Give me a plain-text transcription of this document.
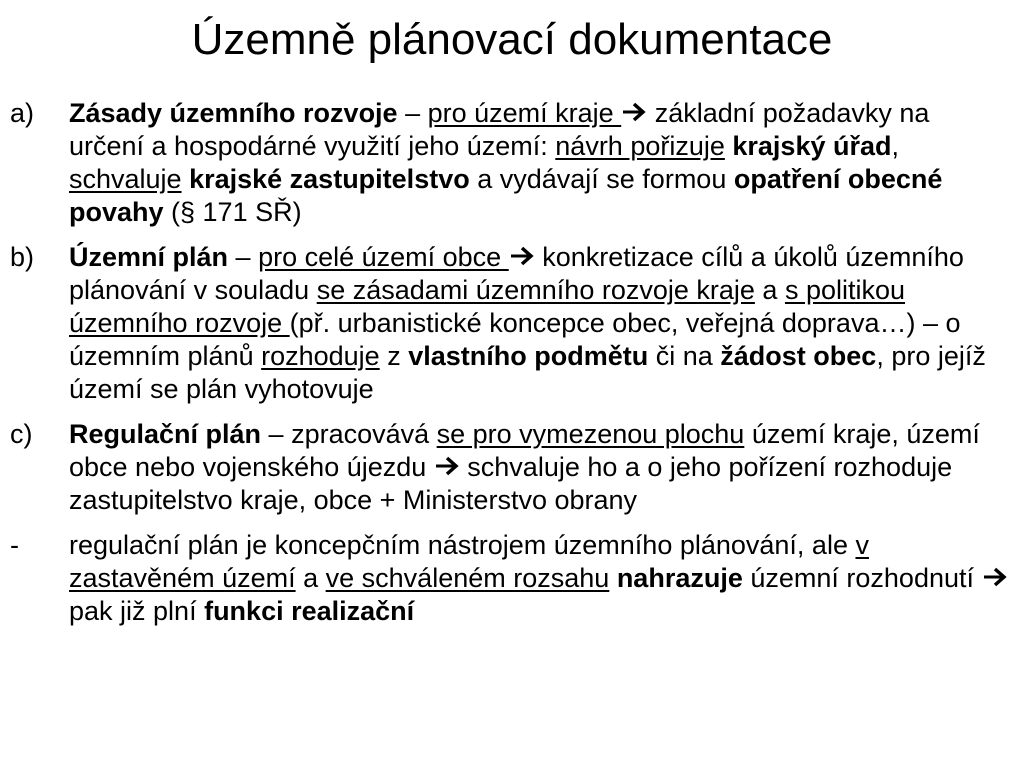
Územně plánovací dokumentace
a)	Zásady územního rozvoje – pro území kraje  základní požadavky na určení a hospodárné využití jeho území: návrh pořizuje krajský úřad, schvaluje krajské zastupitelstvo a vydávají se formou opatření obecné povahy (§ 171 SŘ)
b)	Územní plán – pro celé území obce  konkretizace cílů a úkolů územního plánování v souladu se zásadami územního rozvoje kraje a s politikou územního rozvoje (př. urbanistické koncepce obec, veřejná doprava…) – o územním plánů rozhoduje z vlastního podmětu či na žádost obec, pro jejíž území se plán vyhotovuje
c)	Regulační plán – zpracovává se pro vymezenou plochu území kraje, území obce nebo vojenského újezdu  schvaluje ho a o jeho pořízení rozhoduje zastupitelstvo kraje, obce + Ministerstvo obrany
-	regulační plán je koncepčním nástrojem územního plánování, ale v zastavěném území a ve schváleném rozsahu nahrazuje územní rozhodnutí  pak již plní funkci realizační
